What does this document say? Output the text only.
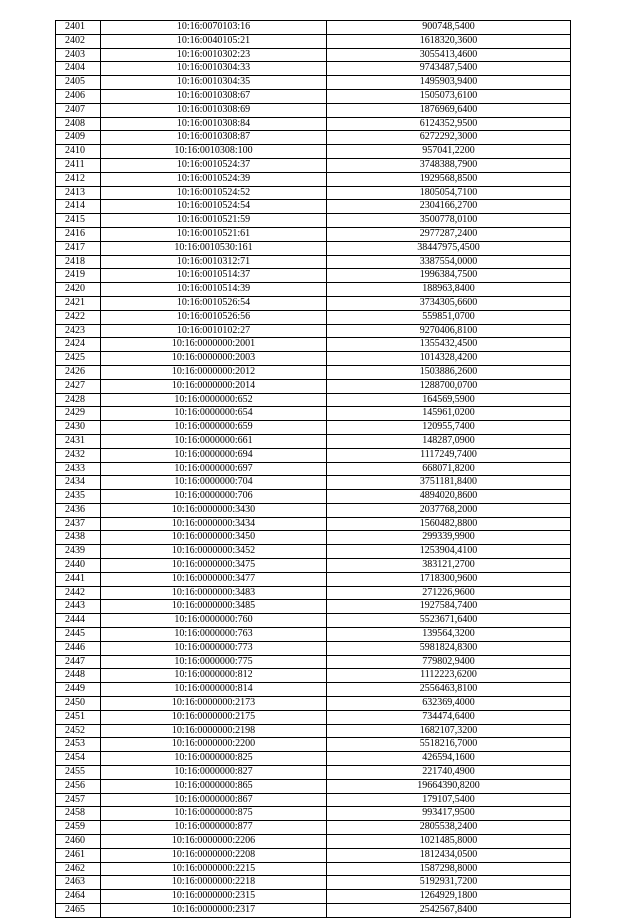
2401	10:16:0070103:16	900748,5400
2402	10:16:0040105:21	1618320,3600
2403	10:16:0010302:23	3055413,4600
2404	10:16:0010304:33	9743487,5400
2405	10:16:0010304:35	1495903,9400
2406	10:16:0010308:67	1505073,6100
2407	10:16:0010308:69	1876969,6400
2408	10:16:0010308:84	6124352,9500
2409	10:16:0010308:87	6272292,3000
2410	10:16:0010308:100	957041,2200
2411	10:16:0010524:37	3748388,7900
2412	10:16:0010524:39	1929568,8500
2413	10:16:0010524:52	1805054,7100
2414	10:16:0010524:54	2304166,2700
2415	10:16:0010521:59	3500778,0100
2416	10:16:0010521:61	2977287,2400
2417	10:16:0010530:161	38447975,4500
2418	10:16:0010312:71	3387554,0000
2419	10:16:0010514:37	1996384,7500
2420	10:16:0010514:39	188963,8400
2421	10:16:0010526:54	3734305,6600
2422	10:16:0010526:56	559851,0700
2423	10:16:0010102:27	9270406,8100
2424	10:16:0000000:2001	1355432,4500
2425	10:16:0000000:2003	1014328,4200
2426	10:16:0000000:2012	1503886,2600
2427	10:16:0000000:2014	1288700,0700
2428	10:16:0000000:652	164569,5900
2429	10:16:0000000:654	145961,0200
2430	10:16:0000000:659	120955,7400
2431	10:16:0000000:661	148287,0900
2432	10:16:0000000:694	1117249,7400
2433	10:16:0000000:697	668071,8200
2434	10:16:0000000:704	3751181,8400
2435	10:16:0000000:706	4894020,8600
2436	10:16:0000000:3430	2037768,2000
2437	10:16:0000000:3434	1560482,8800
2438	10:16:0000000:3450	299339,9900
2439	10:16:0000000:3452	1253904,4100
2440	10:16:0000000:3475	383121,2700
2441	10:16:0000000:3477	1718300,9600
2442	10:16:0000000:3483	271226,9600
2443	10:16:0000000:3485	1927584,7400
2444	10:16:0000000:760	5523671,6400
2445	10:16:0000000:763	139564,3200
2446	10:16:0000000:773	5981824,8300
2447	10:16:0000000:775	779802,9400
2448	10:16:0000000:812	1112223,6200
2449	10:16:0000000:814	2556463,8100
2450	10:16:0000000:2173	632369,4000
2451	10:16:0000000:2175	734474,6400
2452	10:16:0000000:2198	1682107,3200
2453	10:16:0000000:2200	5518216,7000
2454	10:16:0000000:825	426594,1600
2455	10:16:0000000:827	221740,4900
2456	10:16:0000000:865	19664390,8200
2457	10:16:0000000:867	179107,5400
2458	10:16:0000000:875	993417,9500
2459	10:16:0000000:877	2805538,2400
2460	10:16:0000000:2206	1021485,8000
2461	10:16:0000000:2208	1812434,0500
2462	10:16:0000000:2215	1587298,8000
2463	10:16:0000000:2218	5192931,7200
2464	10:16:0000000:2315	1264929,1800
2465	10:16:0000000:2317	2542567,8400
